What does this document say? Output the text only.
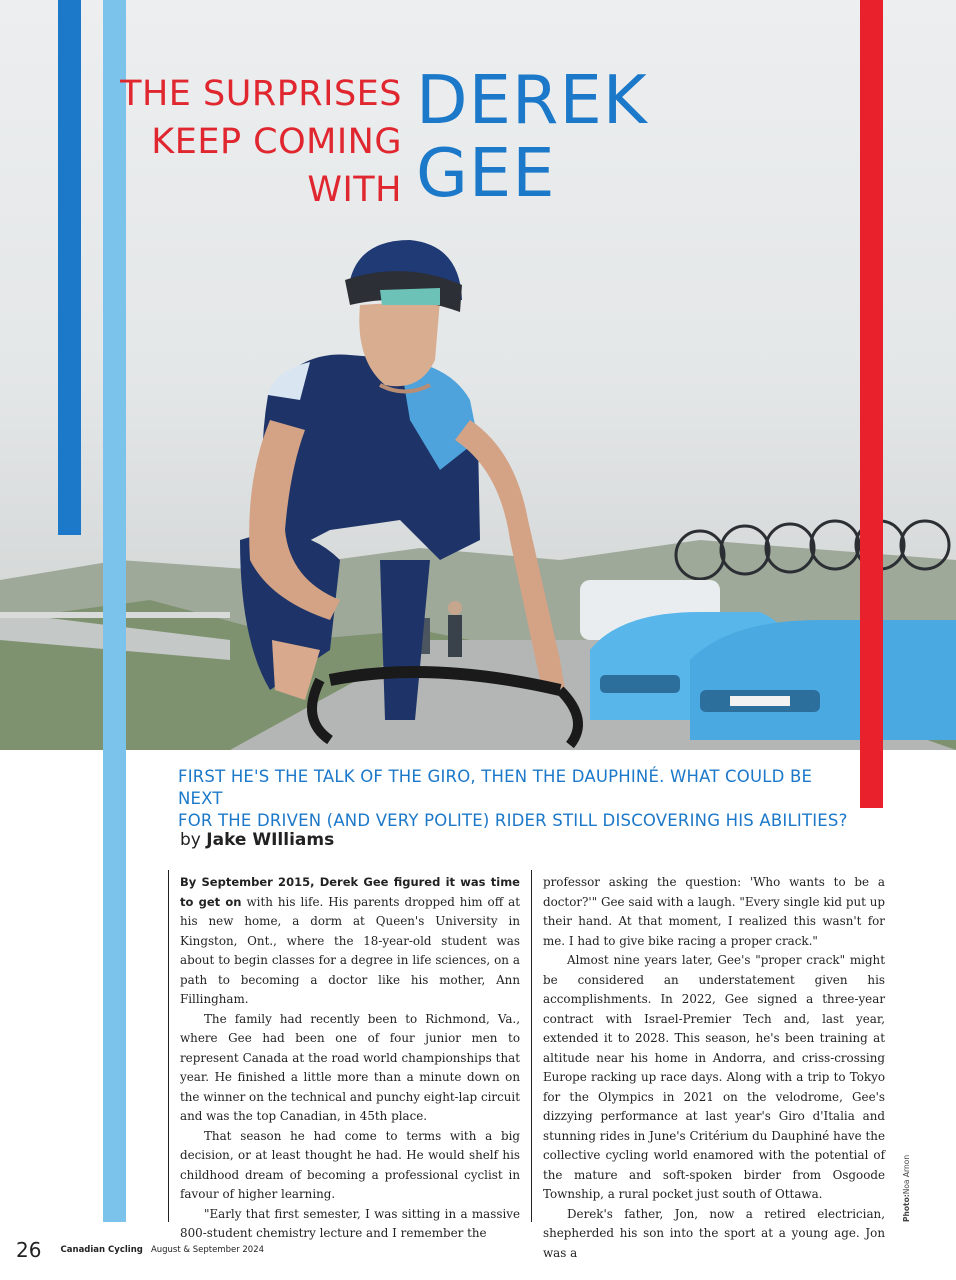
THE SURPRISES
KEEP COMING
WITH
DEREK
GEE
FIRST HE'S THE TALK OF THE GIRO, THEN THE DAUPHINÉ. WHAT COULD BE NEXT
FOR THE DRIVEN (AND VERY POLITE) RIDER STILL DISCOVERING HIS ABILITIES?
by Jake WIlliams

By September 2015, Derek Gee figured it was time to get on with his life. His parents dropped him off at his new home, a dorm at Queen's University in Kingston, Ont., where the 18-year-old student was about to begin classes for a degree in life sciences, on a path to becoming a doctor like his mother, Ann Fillingham.

The family had recently been to Richmond, Va., where Gee had been one of four junior men to represent Canada at the road world championships that year. He finished a little more than a minute down on the winner on the technical and punchy eight-lap circuit and was the top Canadian, in 45th place.

That season he had come to terms with a big decision, or at least thought he had. He would shelf his childhood dream of becoming a professional cyclist in favour of higher learning.

"Early that first semester, I was sitting in a massive 800-student chemistry lecture and I remember the

professor asking the question: 'Who wants to be a doctor?'" Gee said with a laugh. "Every single kid put up their hand. At that moment, I realized this wasn't for me. I had to give bike racing a proper crack."

Almost nine years later, Gee's "proper crack" might be considered an understatement given his accomplishments. In 2022, Gee signed a three-year contract with Israel-Premier Tech and, last year, extended it to 2028. This season, he's been training at altitude near his home in Andorra, and criss-crossing Europe racking up race days. Along with a trip to Tokyo for the Olympics in 2021 on the velodrome, Gee's dizzying performance at last year's Giro d'Italia and stunning rides in June's Critérium du Dauphiné have the collective cycling world enamored with the potential of the mature and soft-spoken birder from Osgoode Township, a rural pocket just south of Ottawa.

Derek's father, Jon, now a retired electrician, shepherded his son into the sport at a young age. Jon was a

Photo:Noa Arnon
26 Canadian Cycling August & September 2024
